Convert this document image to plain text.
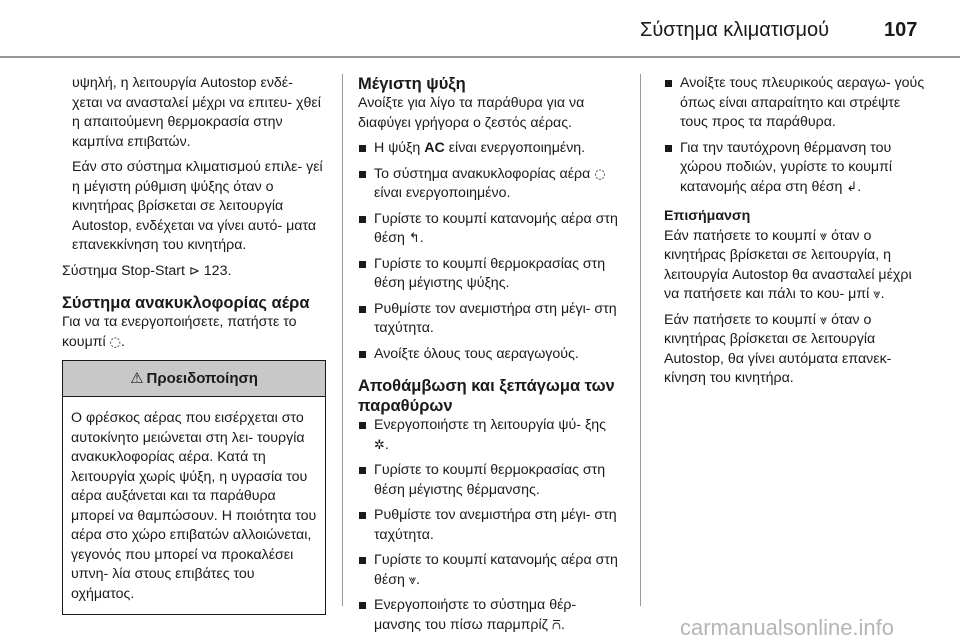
Σύστημα κλιματισμού	107

υψηλή, η λειτουργία Autostop ενδέ- χεται να ανασταλεί μέχρι να επιτευ- χθεί η απαιτούμενη θερμοκρασία στην καμπίνα επιβατών.

Εάν στο σύστημα κλιματισμού επιλε- γεί η μέγιστη ρύθμιση ψύξης όταν ο κινητήρας βρίσκεται σε λειτουργία Autostop, ενδέχεται να γίνει αυτό- ματα επανεκκίνηση του κινητήρα.

Σύστημα Stop-Start ⊳ 123.

Σύστημα ανακυκλοφορίας αέρα

Για να τα ενεργοποιήσετε, πατήστε το κουμπί ◌.

⚠ Προειδοποίηση
Ο φρέσκος αέρας που εισέρχεται στο αυτοκίνητο μειώνεται στη λει- τουργία ανακυκλοφορίας αέρα. Κατά τη λειτουργία χωρίς ψύξη, η υγρασία του αέρα αυξάνεται και τα παράθυρα μπορεί να θαμπώσουν. Η ποιότητα του αέρα στο χώρο επιβατών αλλοιώνεται, γεγονός που μπορεί να προκαλέσει υπνη- λία στους επιβάτες του οχήματος.
Μέγιστη ψύξη

Ανοίξτε για λίγο τα παράθυρα για να διαφύγει γρήγορα ο ζεστός αέρας.

Η ψύξη AC είναι ενεργοποιημένη.
Το σύστημα ανακυκλοφορίας αέρα ◌ είναι ενεργοποιημένο.
Γυρίστε το κουμπί κατανομής αέρα στη θέση ↰.
Γυρίστε το κουμπί θερμοκρασίας στη θέση μέγιστης ψύξης.
Ρυθμίστε τον ανεμιστήρα στη μέγι- στη ταχύτητα.
Ανοίξτε όλους τους αεραγωγούς.
Αποθάμβωση και ξεπάγωμα των παραθύρων
Ενεργοποιήστε τη λειτουργία ψύ- ξης ✲.
Γυρίστε το κουμπί θερμοκρασίας στη θέση μέγιστης θέρμανσης.
Ρυθμίστε τον ανεμιστήρα στη μέγι- στη ταχύτητα.
Γυρίστε το κουμπί κατανομής αέρα στη θέση ⩔.
Ενεργοποιήστε το σύστημα θέρ- μανσης του πίσω παρμπρίζ ⩃.
Ανοίξτε τους πλευρικούς αεραγω- γούς όπως είναι απαραίτητο και στρέψτε τους προς τα παράθυρα.
Για την ταυτόχρονη θέρμανση του χώρου ποδιών, γυρίστε το κουμπί κατανομής αέρα στη θέση ↲.
Επισήμανση

Εάν πατήσετε το κουμπί ⩔ όταν ο κινητήρας βρίσκεται σε λειτουργία, η λειτουργία Autostop θα ανασταλεί μέχρι να πατήσετε και πάλι το κου- μπί ⩔.

Εάν πατήσετε το κουμπί ⩔ όταν ο κινητήρας βρίσκεται σε λειτουργία Autostop, θα γίνει αυτόματα επανεκ- κίνηση του κινητήρα.

carmanualsonline.info
